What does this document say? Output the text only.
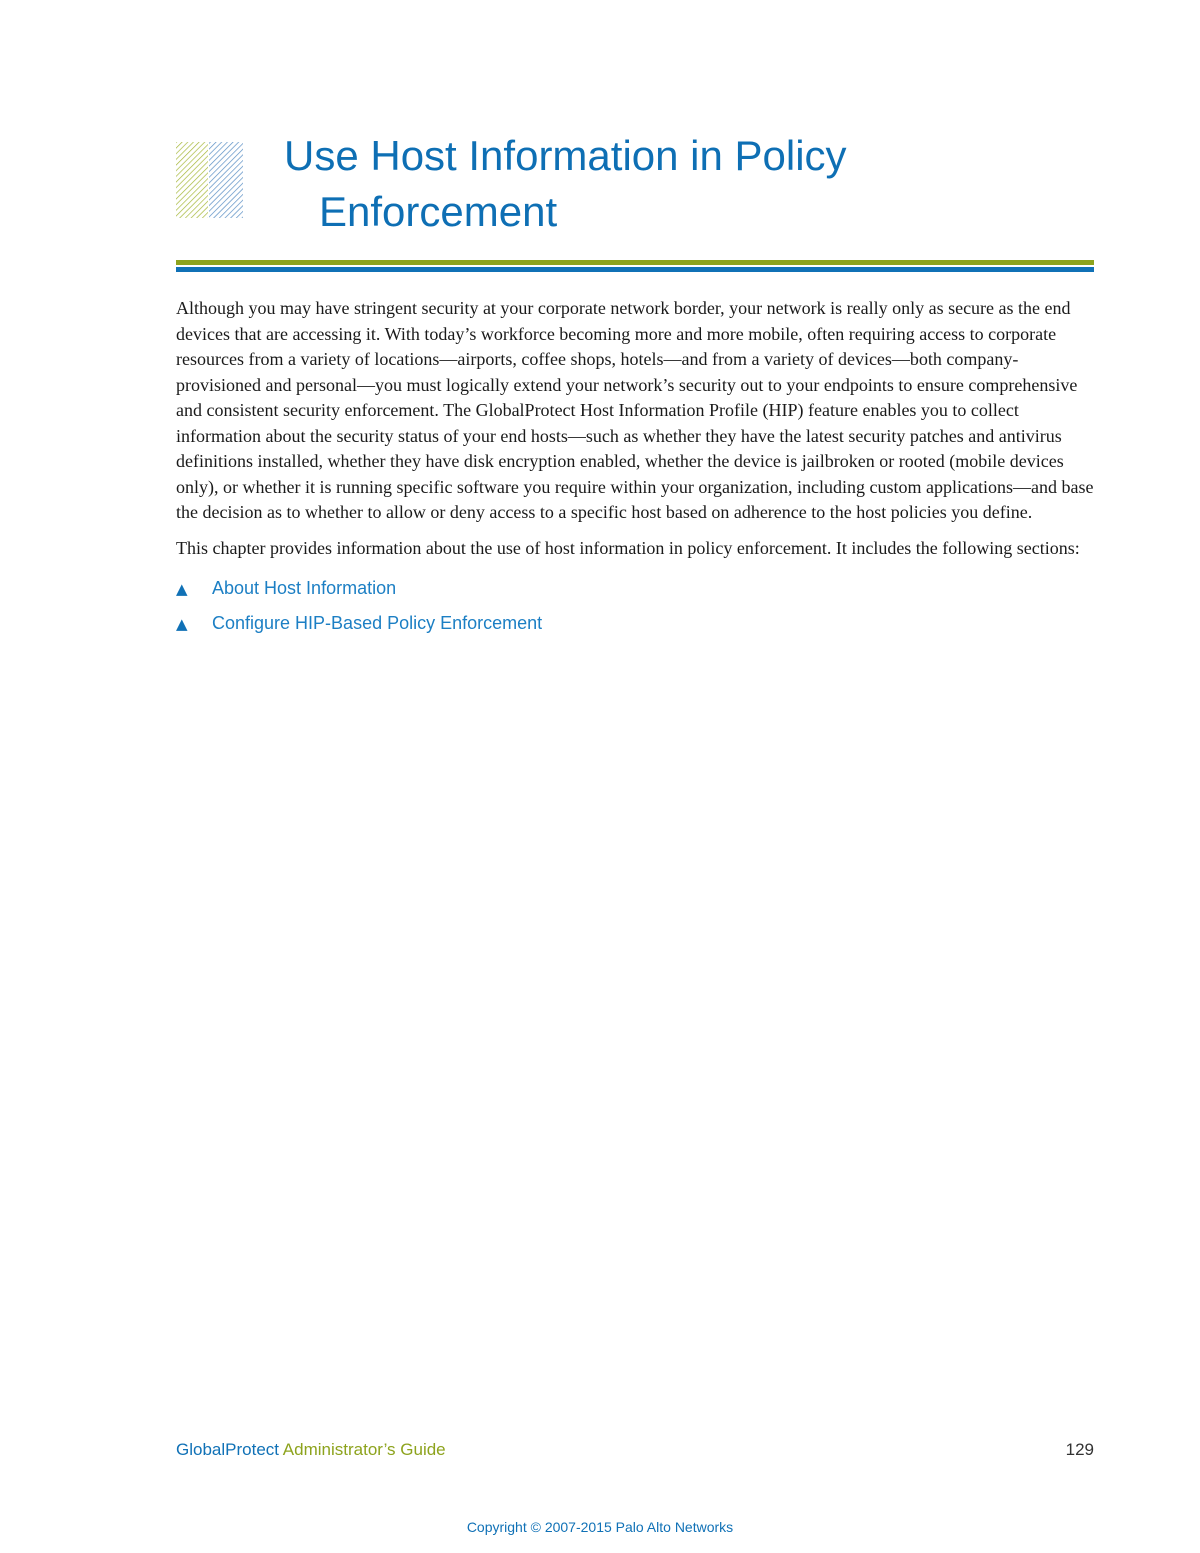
Use Host Information in Policy
Enforcement

Although you may have stringent security at your corporate network border, your network is really only as secure as the end devices that are accessing it. With today’s workforce becoming more and more mobile, often requiring access to corporate resources from a variety of locations—airports, coffee shops, hotels—and from a variety of devices—both company-provisioned and personal—you must logically extend your network’s security out to your endpoints to ensure comprehensive and consistent security enforcement. The GlobalProtect Host Information Profile (HIP) feature enables you to collect information about the security status of your end hosts—such as whether they have the latest security patches and antivirus definitions installed, whether they have disk encryption enabled, whether the device is jailbroken or rooted (mobile devices only), or whether it is running specific software you require within your organization, including custom applications—and base the decision as to whether to allow or deny access to a specific host based on adherence to the host policies you define.

This chapter provides information about the use of host information in policy enforcement. It includes the following sections:

▲	About Host Information
▲	Configure HIP-Based Policy Enforcement
GlobalProtect Administrator’s Guide	129
Copyright © 2007-2015 Palo Alto Networks
